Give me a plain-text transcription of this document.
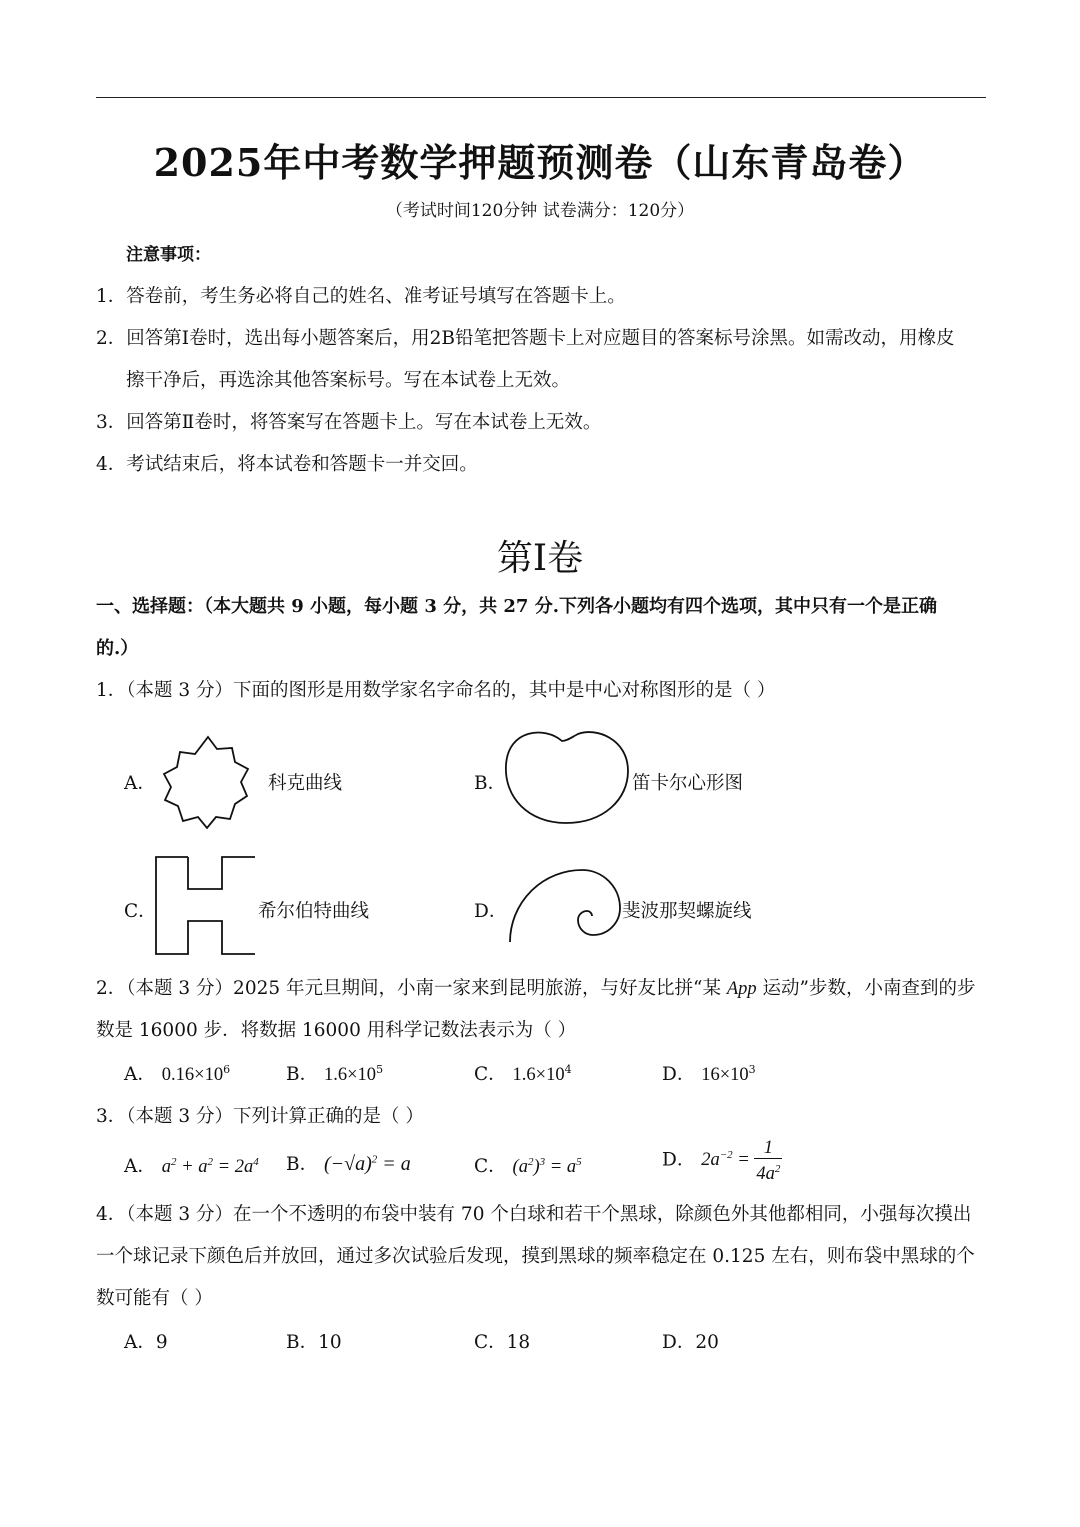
2025年中考数学押题预测卷（山东青岛卷）
（考试时间120分钟 试卷满分：120分）
注意事项：
1．答卷前，考生务必将自己的姓名、准考证号填写在答题卡上。
2．回答第Ⅰ卷时，选出每小题答案后，用2B铅笔把答题卡上对应题目的答案标号涂黑。如需改动，用橡皮
擦干净后，再选涂其他答案标号。写在本试卷上无效。
3．回答第Ⅱ卷时，将答案写在答题卡上。写在本试卷上无效。
4．考试结束后，将本试卷和答题卡一并交回。
第Ⅰ卷
一、选择题：（本大题共 9 小题，每小题 3 分，共 27 分.下列各小题均有四个选项，其中只有一个是正确
的.）
1．（本题 3 分）下面的图形是用数学家名字命名的，其中是中心对称图形的是（ ）
A．	科克曲线	B．	笛卡尔心形图
C．	希尔伯特曲线	D．	斐波那契螺旋线
2．（本题 3 分）2025 年元旦期间，小南一家来到昆明旅游，与好友比拼“某 App 运动”步数，小南查到的步
数是 16000 步．将数据 16000 用科学记数法表示为（ ）
A． $0.16\times 10^6$	B． $1.6\times 10^5$	C． $1.6\times 10^4$	D． $16\times 10^3$
3．（本题 3 分）下列计算正确的是（ ）
A． $a^2 + a^2 = 2a^4$ B． $(-√a)^2 = a$	C． $(a^2)^3 = a^5$	D． $2a^{-2} = \frac{1}{4a^2}$
4．（本题 3 分）在一个不透明的布袋中装有 70 个白球和若干个黑球，除颜色外其他都相同，小强每次摸出
一个球记录下颜色后并放回，通过多次试验后发现，摸到黑球的频率稳定在 0.125 左右，则布袋中黑球的个
数可能有（ ）
A．9	B．10	C．18	D．20
